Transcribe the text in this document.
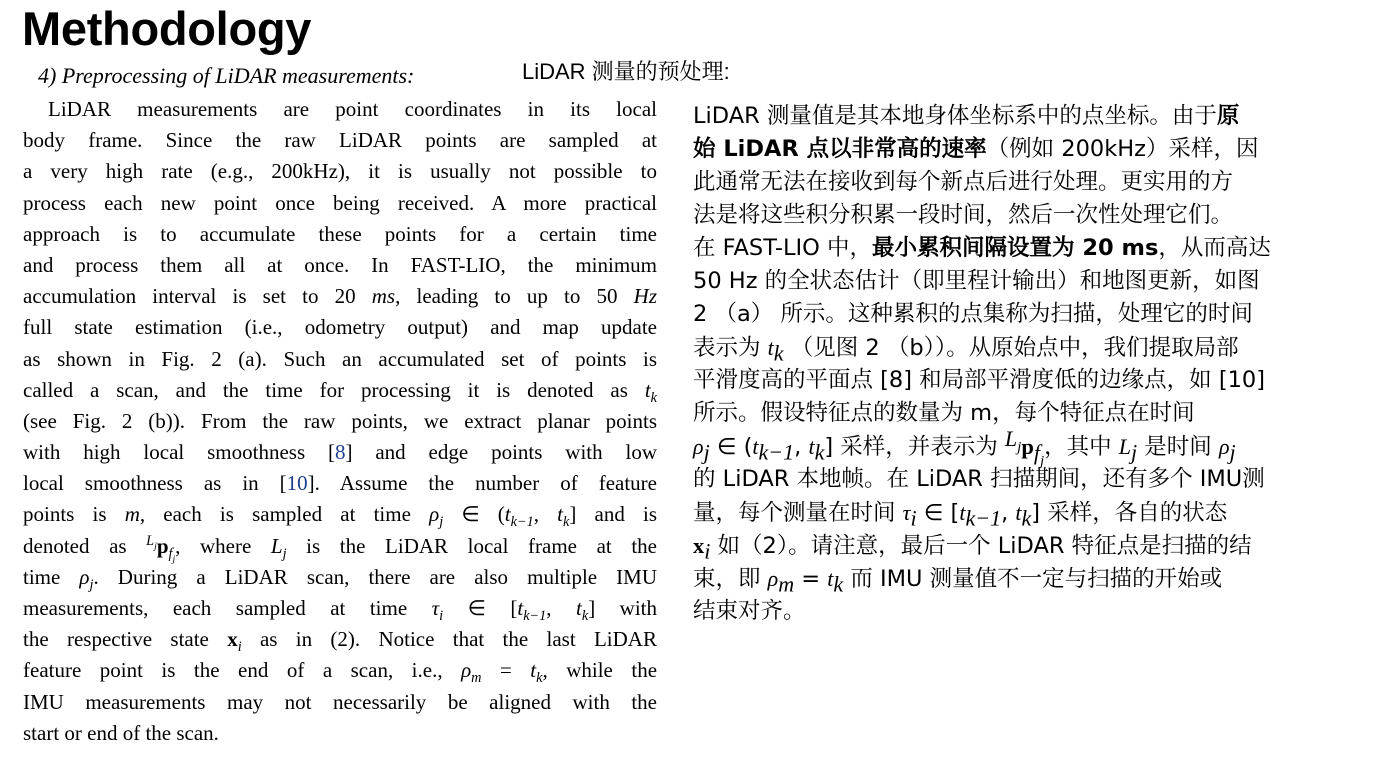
Methodology
4) Preprocessing of LiDAR measurements:	LiDAR 测量的预处理:
LiDAR measurements are point coordinates in its local
body frame. Since the raw LiDAR points are sampled at
a very high rate (e.g., 200kHz), it is usually not possible to
process each new point once being received. A more practical
approach is to accumulate these points for a certain time
and process them all at once. In FAST-LIO, the minimum
accumulation interval is set to 20 ms, leading to up to 50 Hz
full state estimation (i.e., odometry output) and map update
as shown in Fig. 2 (a). Such an accumulated set of points is
called a scan, and the time for processing it is denoted as $t_k$
(see Fig. 2 (b)). From the raw points, we extract planar points
with high local smoothness [8] and edge points with low
local smoothness as in [10]. Assume the number of feature
points is m, each is sampled at time $\rho_j$ ∈ ($t_{k-1}$, $t_k$] and is
denoted as $^{L_j}p_{f_j}$, where $L_j$ is the LiDAR local frame at the
time $\rho_j$. During a LiDAR scan, there are also multiple IMU
measurements, each sampled at time $\tau_i$ ∈ [$t_{k-1}$, $t_k$] with
the respective state $x_i$ as in (2). Notice that the last LiDAR
feature point is the end of a scan, i.e., $\rho_m = t_k$, while the
IMU measurements may not necessarily be aligned with the
start or end of the scan.
LiDAR 测量值是其本地身体坐标系中的点坐标。由于原
始 LiDAR 点以非常高的速率（例如 200kHz）采样，因
此通常无法在接收到每个新点后进行处理。更实用的方
法是将这些积分积累一段时间，然后一次性处理它们。
在 FAST-LIO 中，最小累积间隔设置为 20 ms，从而高达
50 Hz 的全状态估计（即里程计输出）和地图更新，如图
2 （a） 所示。这种累积的点集称为扫描，处理它的时间
表示为 $t_k$ （见图 2 （b））。从原始点中，我们提取局部
平滑度高的平面点 [8] 和局部平滑度低的边缘点，如 [10]
所示。假设特征点的数量为 m，每个特征点在时间
$\rho_j$ ∈ ($t_{k-1}$, $t_k$] 采样，并表示为 $^{L_j}p_{f_j}$，其中 $L_j$ 是时间 $\rho_j$
的 LiDAR 本地帧。在 LiDAR 扫描期间，还有多个 IMU测
量，每个测量在时间 $\tau_i$ ∈ [$t_{k-1}$, $t_k$] 采样，各自的状态
$x_i$ 如（2）。请注意，最后一个 LiDAR 特征点是扫描的结
束，即 $\rho_m = t_k$ 而 IMU 测量值不一定与扫描的开始或
结束对齐。
